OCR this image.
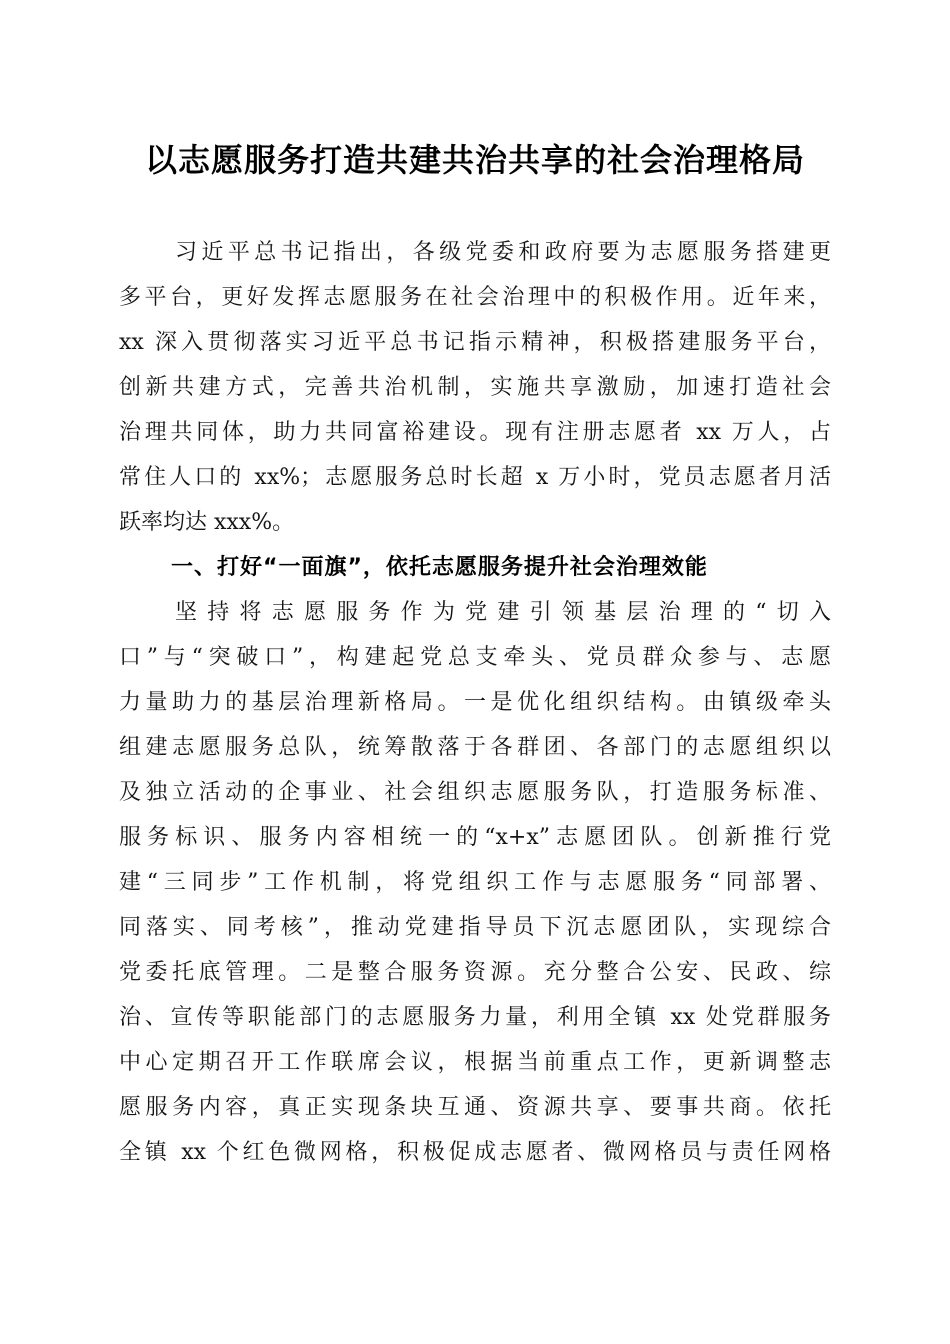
以志愿服务打造共建共治共享的社会治理格局
习近平总书记指出，各级党委和政府要为志愿服务搭建更
多平台，更好发挥志愿服务在社会治理中的积极作用。近年来，
xx 深入贯彻落实习近平总书记指示精神，积极搭建服务平台，
创新共建方式，完善共治机制，实施共享激励，加速打造社会
治理共同体，助力共同富裕建设。现有注册志愿者 xx 万人，占
常住人口的 xx%；志愿服务总时长超 x 万小时，党员志愿者月活
跃率均达 xxx%。
一、打好“一面旗”，依托志愿服务提升社会治理效能
坚持将志愿服务作为党建引领基层治理的“切入
口”与“突破口”，构建起党总支牵头、党员群众参与、志愿
力量助力的基层治理新格局。一是优化组织结构。由镇级牵头
组建志愿服务总队，统筹散落于各群团、各部门的志愿组织以
及独立活动的企事业、社会组织志愿服务队，打造服务标准、
服务标识、服务内容相统一的“x+x”志愿团队。创新推行党
建“三同步”工作机制，将党组织工作与志愿服务“同部署、
同落实、同考核”，推动党建指导员下沉志愿团队，实现综合
党委托底管理。二是整合服务资源。充分整合公安、民政、综
治、宣传等职能部门的志愿服务力量，利用全镇 xx 处党群服务
中心定期召开工作联席会议，根据当前重点工作，更新调整志
愿服务内容，真正实现条块互通、资源共享、要事共商。依托
全镇 xx 个红色微网格，积极促成志愿者、微网格员与责任网格
